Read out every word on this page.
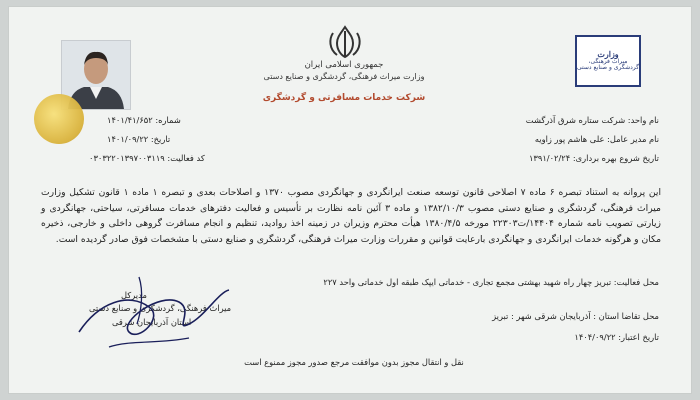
جمهوری اسلامی ایران
وزارت میراث فرهنگی، گردشگری و صنایع دستی
شرکت خدمات مسافرتی و گردشگری
وزارت
میراث فرهنگی، گردشگری و صنایع دستی
نام واحد: شرکت ستاره شرق آذرگشت
نام مدیر عامل: علی هاشم پور زاویه
تاریخ شروع بهره برداری: ۱۳۹۱/۰۲/۲۴
شماره: ۱۴۰۱/۴۱/۶۵۲
تاریخ: ۱۴۰۱/۰۹/۲۲
کد فعالیت: ۰۳۰۳۲۲۰۱۳۹۷۰۰۳۱۱۹
این پروانه به استناد تبصره ۶ ماده ۷ اصلاحی قانون توسعه صنعت ایرانگردی و جهانگردی مصوب ۱۳۷۰ و اصلاحات بعدی و تبصره ۱ ماده ۱ قانون تشکیل وزارت میراث فرهنگی، گردشگری و صنایع دستی مصوب ۱۳۸۲/۱۰/۳ و ماده ۳ آئین نامه نظارت بر تأسیس و فعالیت دفترهای خدمات مسافرتی، سیاحتی، جهانگردی و زیارتی تصویب نامه شماره ۱۴۴۰۴/ت۲۲۳۰۳ مورخه ۱۳۸۰/۴/۵ هیأت محترم وزیران در زمینه اخذ روادید، تنظیم و انجام مسافرت گروهی داخلی و خارجی، ذخیره مکان و هرگونه خدمات ایرانگردی و جهانگردی بارعایت قوانین و مقررات وزارت میراث فرهنگی، گردشگری و صنایع دستی با مشخصات فوق صادر گردیده است.
محل فعالیت: تبریز چهار راه شهید بهشتی مجمع تجاری - خدماتی ایپک طبقه اول خدماتی واحد ۲۲۷
مدیرکل
میراث فرهنگی، گردشگری و صنایع دستی
استان آذربایجان شرقی
محل تقاضا استان : آذربایجان شرقی شهر : تبریز
تاریخ اعتبار: ۱۴۰۴/۰۹/۲۲
نقل و انتقال مجوز بدون موافقت مرجع صدور مجوز ممنوع است
